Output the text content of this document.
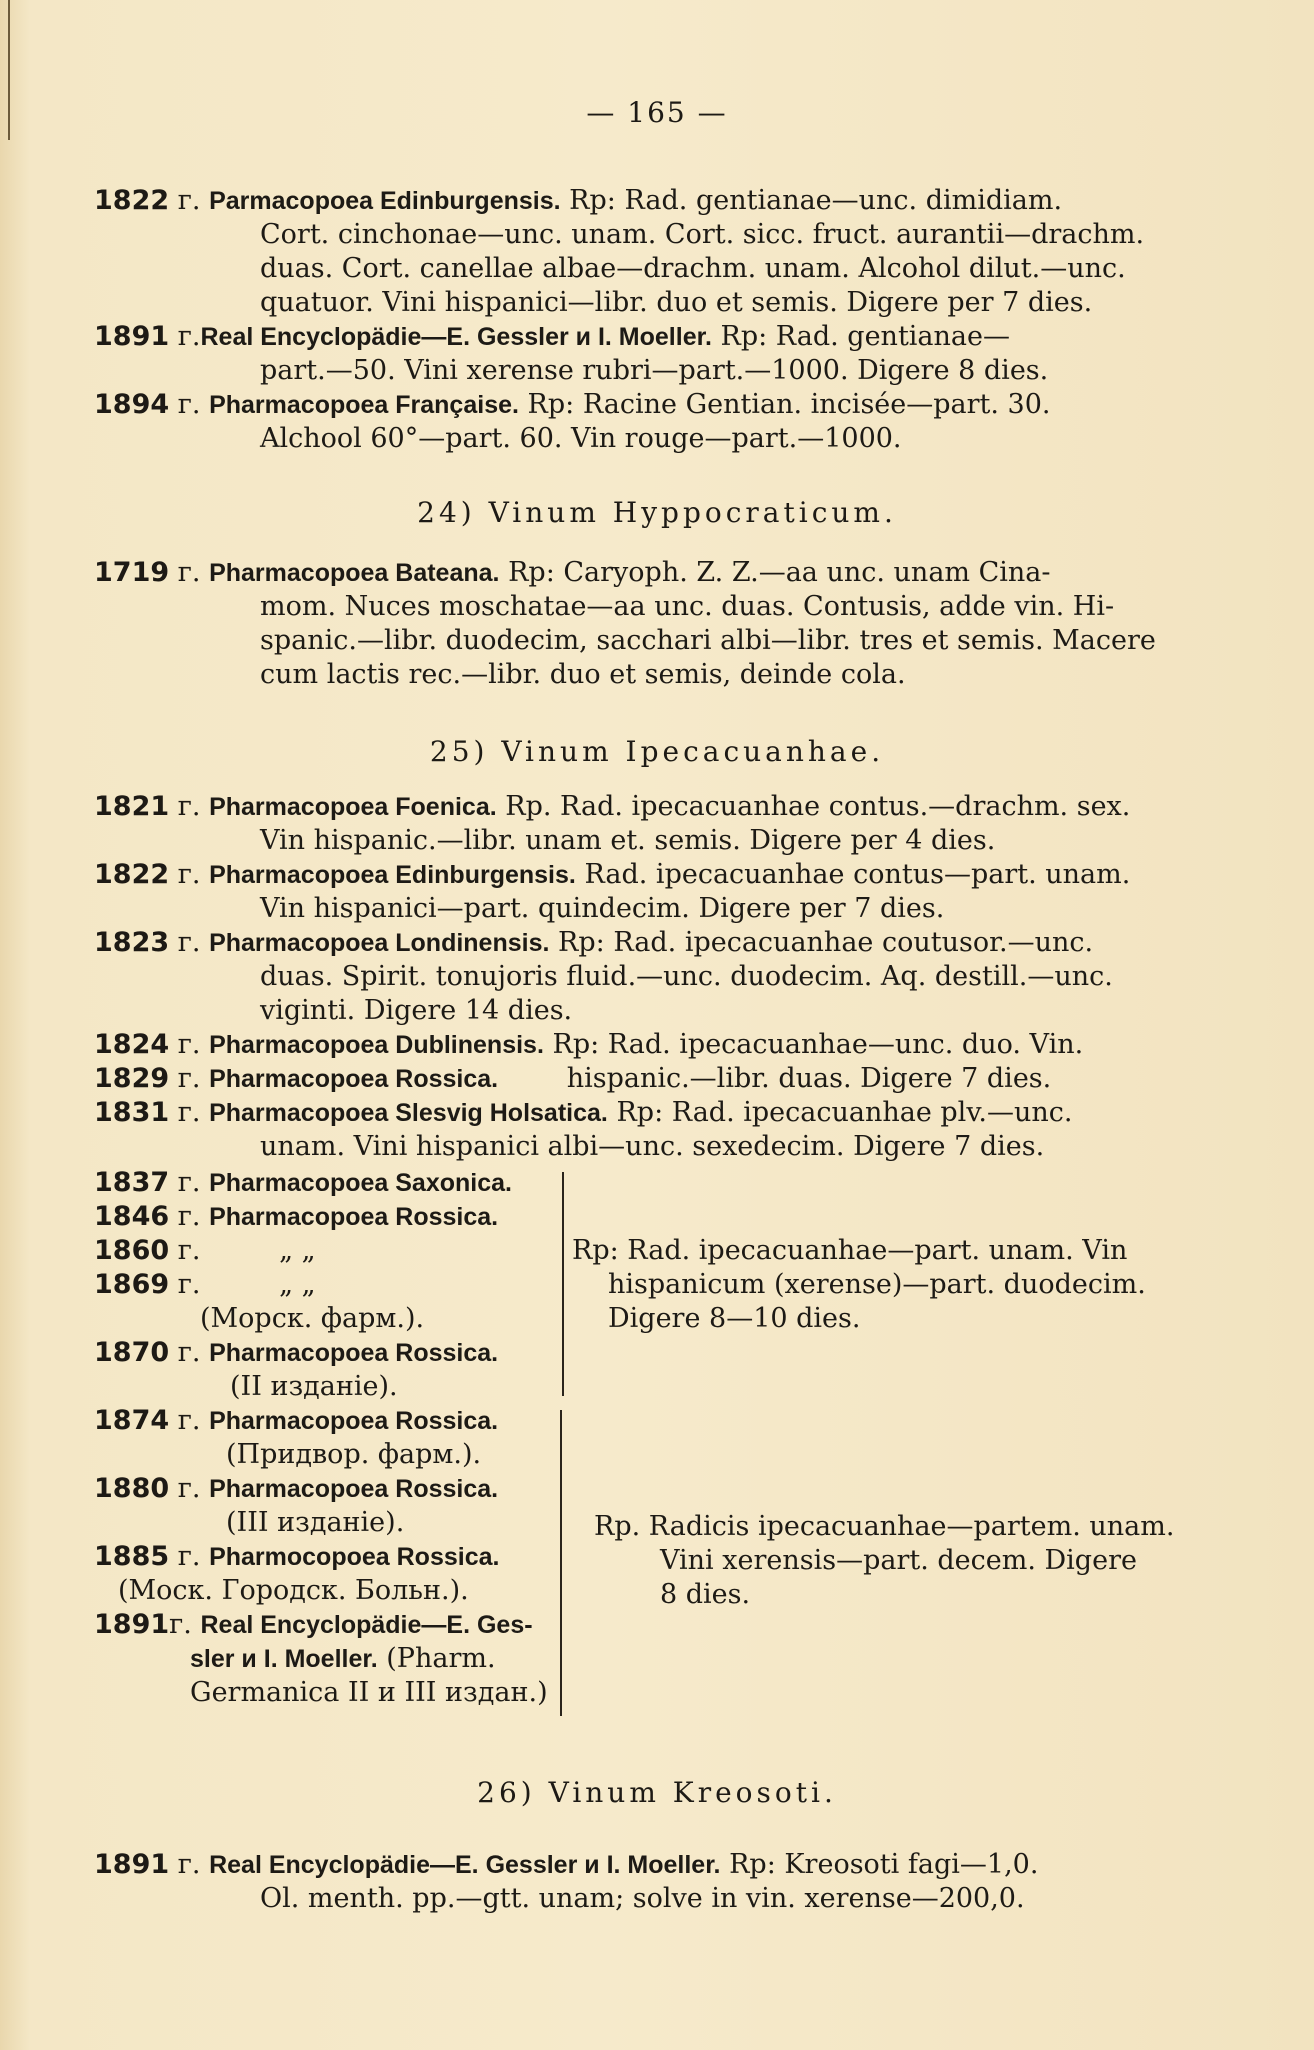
— 165 —
1822 г. Parmacopoea Edinburgensis. Rp: Rad. gentianae—unc. dimidiam.
Cort. cinchonae—unc. unam. Cort. sicc. fruct. aurantii—drachm.
duas. Cort. canellae albae—drachm. unam. Alcohol dilut.—unc.
quatuor. Vini hispanici—libr. duo et semis. Digere per 7 dies.
1891 г.Real Encyclopädie—E. Gessler и I. Moeller. Rp: Rad. gentianae—
part.—50. Vini xerense rubri—part.—1000. Digere 8 dies.
1894 г. Pharmacopoea Française. Rp: Racine Gentian. incisée—part. 30.
Alchool 60°—part. 60. Vin rouge—part.—1000.
24) Vinum Hyppocraticum.
1719 г. Pharmacopoea Bateana. Rp: Caryoph. Z. Z.—aa unc. unam Cina-
mom. Nuces moschatae—aa unc. duas. Contusis, adde vin. Hi-
spanic.—libr. duodecim, sacchari albi—libr. tres et semis. Macere
cum lactis rec.—libr. duo et semis, deinde cola.
25) Vinum Ipecacuanhae.
1821 г. Pharmacopoea Foenica. Rp. Rad. ipecacuanhae contus.—drachm. sex.
Vin hispanic.—libr. unam et. semis. Digere per 4 dies.
1822 г. Pharmacopoea Edinburgensis. Rad. ipecacuanhae contus—part. unam.
Vin hispanici—part. quindecim. Digere per 7 dies.
1823 г. Pharmacopoea Londinensis. Rp: Rad. ipecacuanhae coutusor.—unc.
duas. Spirit. tonujoris fluid.—unc. duodecim. Aq. destill.—unc.
viginti. Digere 14 dies.
1824 г. Pharmacopoea Dublinensis. Rp: Rad. ipecacuanhae—unc. duo. Vin.
1829 г. Pharmacopoea Rossica.	hispanic.—libr. duas. Digere 7 dies.
1831 г. Pharmacopoea Slesvig Holsatica. Rp: Rad. ipecacuanhae plv.—unc.
unam. Vini hispanici albi—unc. sexedecim. Digere 7 dies.
1837 г. Pharmacopoea Saxonica.
1846 г. Pharmacopoea Rossica.
1860 г.	„ „
1869 г.	„ „
(Морск. фарм.).
1870 г. Pharmacopoea Rossica.
(II изданіе).
Rp: Rad. ipecacuanhae—part. unam. Vin
hispanicum (xerense)—part. duodecim.
Digere 8—10 dies.
1874 г. Pharmacopoea Rossica.
(Придвор. фарм.).
1880 г. Pharmacopoea Rossica.
(III изданіе).
1885 г. Pharmocopoea Rossica.
(Моск. Городск. Больн.).
1891г. Real Encyclopädie—E. Ges-
sler и I. Moeller. (Pharm.
Germanica II и III издан.)
Rp. Radicis ipecacuanhae—partem. unam.
Vini xerensis—part. decem. Digere
8 dies.
26) Vinum Kreosoti.
1891 г. Real Encyclopädie—E. Gessler и I. Moeller. Rp: Kreosoti fagi—1,0.
Ol. menth. pp.—gtt. unam; solve in vin. xerense—200,0.
